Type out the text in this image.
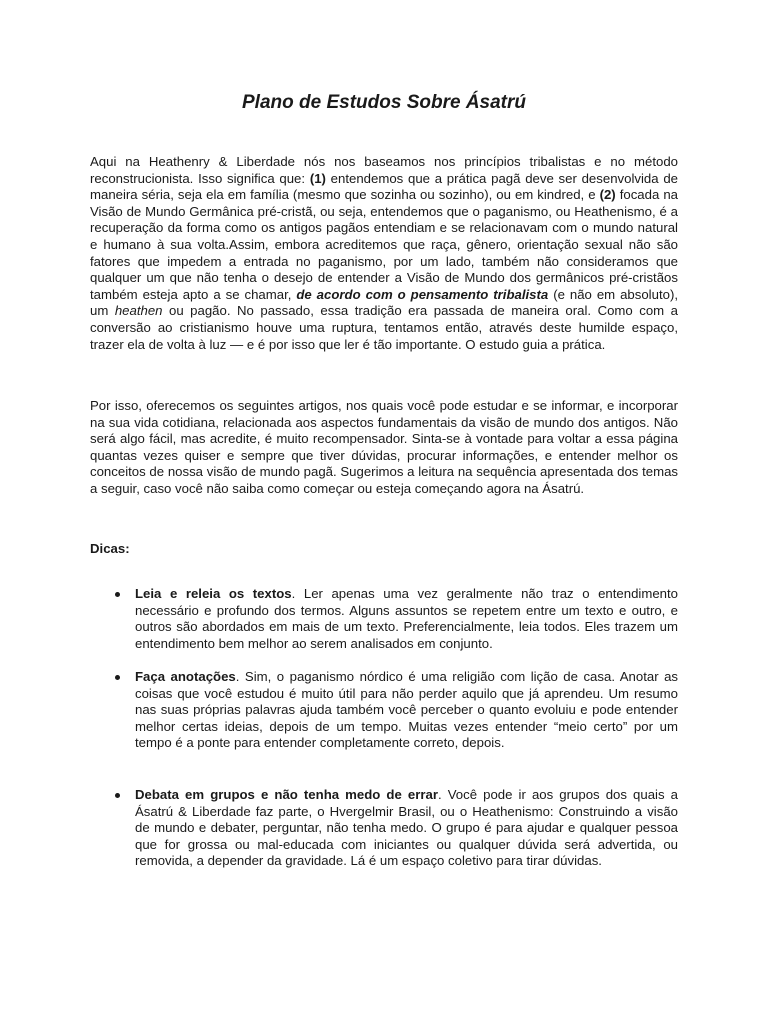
Plano de Estudos Sobre Ásatrú

Aqui na Heathenry & Liberdade nós nos baseamos nos princípios tribalistas e no método reconstrucionista. Isso significa que: (1) entendemos que a prática pagã deve ser desenvolvida de maneira séria, seja ela em família (mesmo que sozinha ou sozinho), ou em kindred, e (2) focada na Visão de Mundo Germânica pré-cristã, ou seja, entendemos que o paganismo, ou Heathenismo, é a recuperação da forma como os antigos pagãos entendiam e se relacionavam com o mundo natural e humano à sua volta.Assim, embora acreditemos que raça, gênero, orientação sexual não são fatores que impedem a entrada no paganismo, por um lado, também não consideramos que qualquer um que não tenha o desejo de entender a Visão de Mundo dos germânicos pré-cristãos também esteja apto a se chamar, de acordo com o pensamento tribalista (e não em absoluto), um heathen ou pagão. No passado, essa tradição era passada de maneira oral. Como com a conversão ao cristianismo houve uma ruptura, tentamos então, através deste humilde espaço, trazer ela de volta à luz — e é por isso que ler é tão importante. O estudo guia a prática.

Por isso, oferecemos os seguintes artigos, nos quais você pode estudar e se informar, e incorporar na sua vida cotidiana, relacionada aos aspectos fundamentais da visão de mundo dos antigos. Não será algo fácil, mas acredite, é muito recompensador. Sinta-se à vontade para voltar a essa página quantas vezes quiser e sempre que tiver dúvidas, procurar informações, e entender melhor os conceitos de nossa visão de mundo pagã. Sugerimos a leitura na sequência apresentada dos temas a seguir, caso você não saiba como começar ou esteja começando agora na Ásatrú.

Dicas:

Leia e releia os textos. Ler apenas uma vez geralmente não traz o entendimento necessário e profundo dos termos. Alguns assuntos se repetem entre um texto e outro, e outros são abordados em mais de um texto. Preferencialmente, leia todos. Eles trazem um entendimento bem melhor ao serem analisados em conjunto.

Faça anotações. Sim, o paganismo nórdico é uma religião com lição de casa. Anotar as coisas que você estudou é muito útil para não perder aquilo que já aprendeu. Um resumo nas suas próprias palavras ajuda também você perceber o quanto evoluiu e pode entender melhor certas ideias, depois de um tempo. Muitas vezes entender “meio certo” por um tempo é a ponte para entender completamente correto, depois.

Debata em grupos e não tenha medo de errar. Você pode ir aos grupos dos quais a Ásatrú & Liberdade faz parte, o Hvergelmir Brasil, ou o Heathenismo: Construindo a visão de mundo e debater, perguntar, não tenha medo. O grupo é para ajudar e qualquer pessoa que for grossa ou mal-educada com iniciantes ou qualquer dúvida será advertida, ou removida, a depender da gravidade. Lá é um espaço coletivo para tirar dúvidas.
